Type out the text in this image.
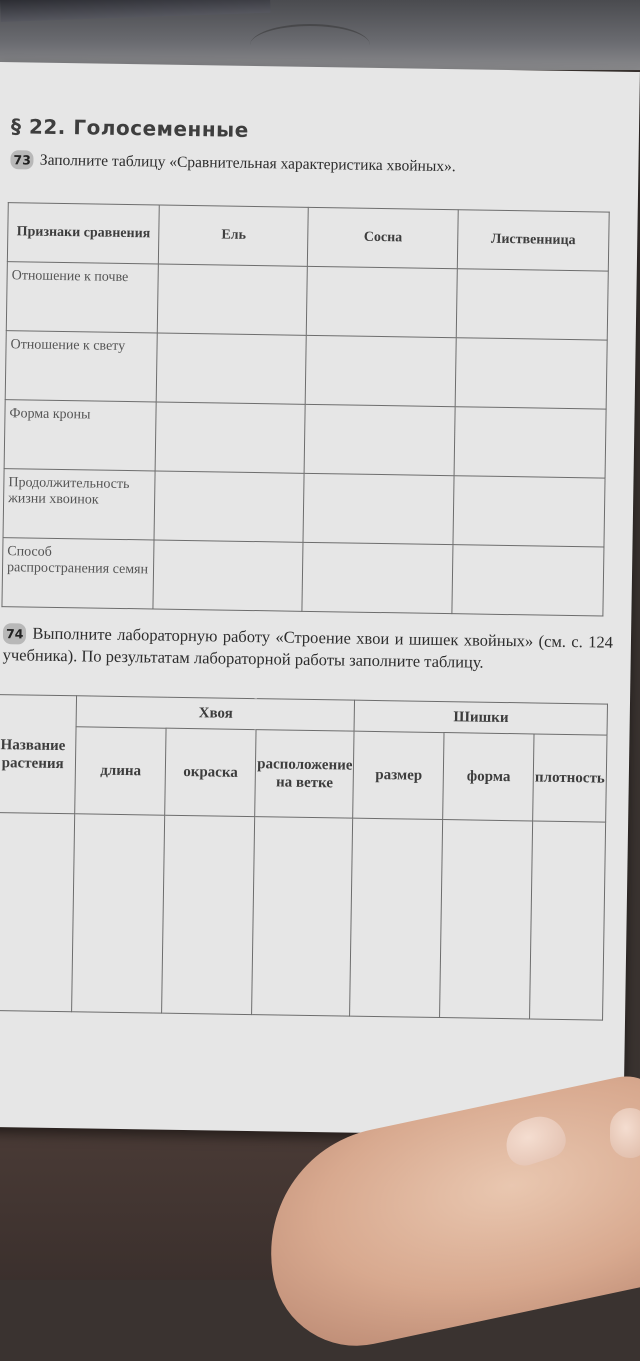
§ 22. Голосеменные
73 Заполните таблицу «Сравнительная характеристика хвойных».
Признаки сравнения	Ель	Сосна	Лиственница
Отношение к почве			
Отношение к свету			
Форма кроны			
Продолжительность жизни хвоинок			
Способ распространения семян			
74 Выполните лабораторную работу «Строение хвои и шишек хвойных» (см. с. 124 учебника). По результатам лабораторной работы заполните таблицу.
Название растения	Хвоя			Шишки		
	длина	окраска	расположение на ветке	размер	форма	плотность
